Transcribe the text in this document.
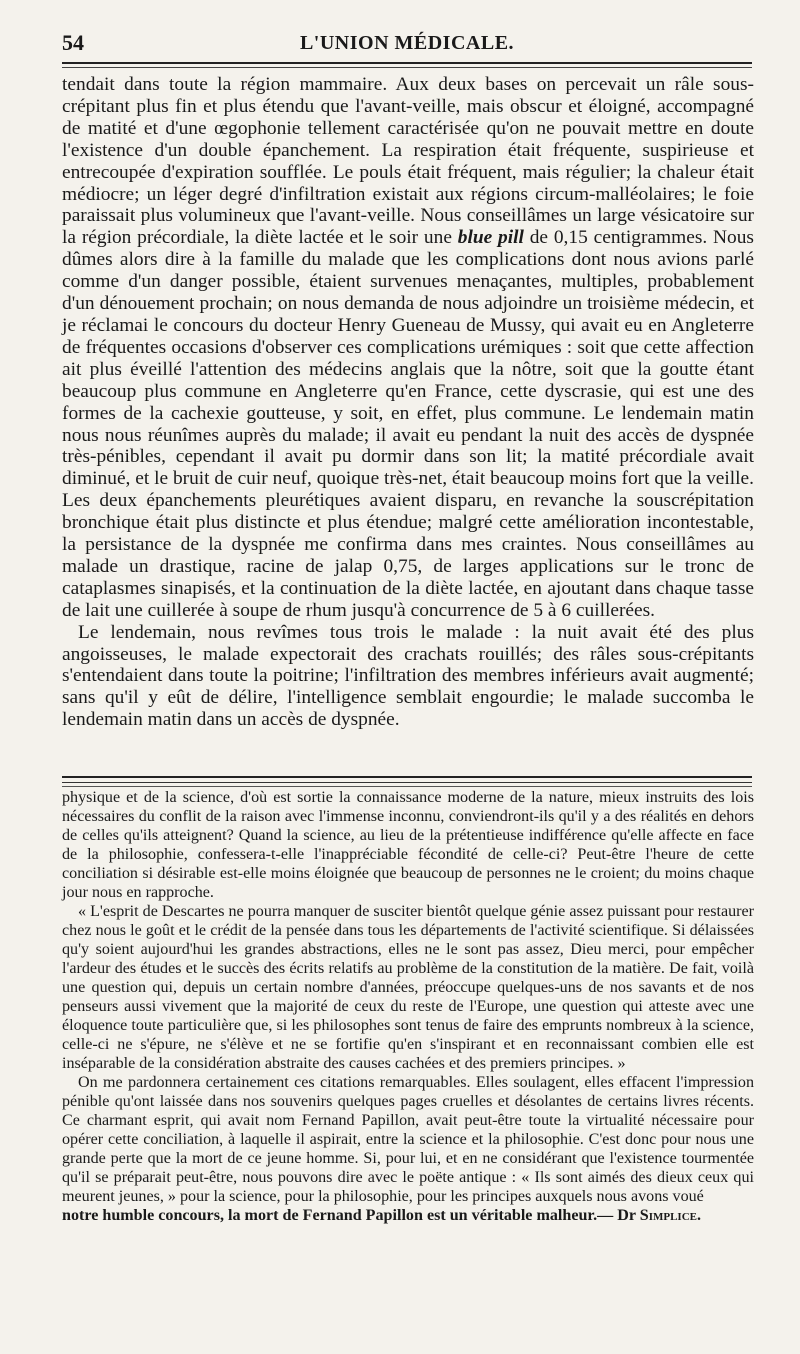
54	L'UNION MÉDICALE.

tendait dans toute la région mammaire. Aux deux bases on percevait un râle sous-crépitant plus fin et plus étendu que l'avant-veille, mais obscur et éloigné, accompagné de matité et d'une œgophonie tellement caractérisée qu'on ne pouvait mettre en doute l'existence d'un double épanchement. La respiration était fréquente, suspirieuse et entrecoupée d'expiration soufflée. Le pouls était fréquent, mais régulier; la chaleur était médiocre; un léger degré d'infiltration existait aux régions circum-malléolaires; le foie paraissait plus volumineux que l'avant-veille. Nous conseillâmes un large vésicatoire sur la région précordiale, la diète lactée et le soir une blue pill de 0,15 centigrammes. Nous dûmes alors dire à la famille du malade que les complications dont nous avions parlé comme d'un danger possible, étaient survenues menaçantes, multiples, probablement d'un dénouement prochain; on nous demanda de nous adjoindre un troisième médecin, et je réclamai le concours du docteur Henry Gueneau de Mussy, qui avait eu en Angleterre de fréquentes occasions d'observer ces complications urémiques : soit que cette affection ait plus éveillé l'attention des médecins anglais que la nôtre, soit que la goutte étant beaucoup plus commune en Angleterre qu'en France, cette dyscrasie, qui est une des formes de la cachexie goutteuse, y soit, en effet, plus commune. Le lendemain matin nous nous réunîmes auprès du malade; il avait eu pendant la nuit des accès de dyspnée très-pénibles, cependant il avait pu dormir dans son lit; la matité précordiale avait diminué, et le bruit de cuir neuf, quoique très-net, était beaucoup moins fort que la veille. Les deux épanchements pleurétiques avaient disparu, en revanche la souscrépitation bronchique était plus distincte et plus étendue; malgré cette amélioration incontestable, la persistance de la dyspnée me confirma dans mes craintes. Nous conseillâmes au malade un drastique, racine de jalap 0,75, de larges applications sur le tronc de cataplasmes sinapisés, et la continuation de la diète lactée, en ajoutant dans chaque tasse de lait une cuillerée à soupe de rhum jusqu'à concurrence de 5 à 6 cuillerées.

Le lendemain, nous revîmes tous trois le malade : la nuit avait été des plus angoisseuses, le malade expectorait des crachats rouillés; des râles sous-crépitants s'entendaient dans toute la poitrine; l'infiltration des membres inférieurs avait augmenté; sans qu'il y eût de délire, l'intelligence semblait engourdie; le malade succomba le lendemain matin dans un accès de dyspnée.

physique et de la science, d'où est sortie la connaissance moderne de la nature, mieux instruits des lois nécessaires du conflit de la raison avec l'immense inconnu, conviendront-ils qu'il y a des réalités en dehors de celles qu'ils atteignent? Quand la science, au lieu de la prétentieuse indifférence qu'elle affecte en face de la philosophie, confessera-t-elle l'inappréciable fécondité de celle-ci? Peut-être l'heure de cette conciliation si désirable est-elle moins éloignée que beaucoup de personnes ne le croient; du moins chaque jour nous en rapproche.

« L'esprit de Descartes ne pourra manquer de susciter bientôt quelque génie assez puissant pour restaurer chez nous le goût et le crédit de la pensée dans tous les départements de l'activité scientifique. Si délaissées qu'y soient aujourd'hui les grandes abstractions, elles ne le sont pas assez, Dieu merci, pour empêcher l'ardeur des études et le succès des écrits relatifs au problème de la constitution de la matière. De fait, voilà une question qui, depuis un certain nombre d'années, préoccupe quelques-uns de nos savants et de nos penseurs aussi vivement que la majorité de ceux du reste de l'Europe, une question qui atteste avec une éloquence toute particulière que, si les philosophes sont tenus de faire des emprunts nombreux à la science, celle-ci ne s'épure, ne s'élève et ne se fortifie qu'en s'inspirant et en reconnaissant combien elle est inséparable de la considération abstraite des causes cachées et des premiers principes. »

On me pardonnera certainement ces citations remarquables. Elles soulagent, elles effacent l'impression pénible qu'ont laissée dans nos souvenirs quelques pages cruelles et désolantes de certains livres récents. Ce charmant esprit, qui avait nom Fernand Papillon, avait peut-être toute la virtualité nécessaire pour opérer cette conciliation, à laquelle il aspirait, entre la science et la philosophie. C'est donc pour nous une grande perte que la mort de ce jeune homme. Si, pour lui, et en ne considérant que l'existence tourmentée qu'il se préparait peut-être, nous pouvons dire avec le poëte antique : « Ils sont aimés des dieux ceux qui meurent jeunes, » pour la science, pour la philosophie, pour les principes auxquels nous avons voué

notre humble concours, la mort de Fernand Papillon est un véritable malheur.— Dr Simplice.
